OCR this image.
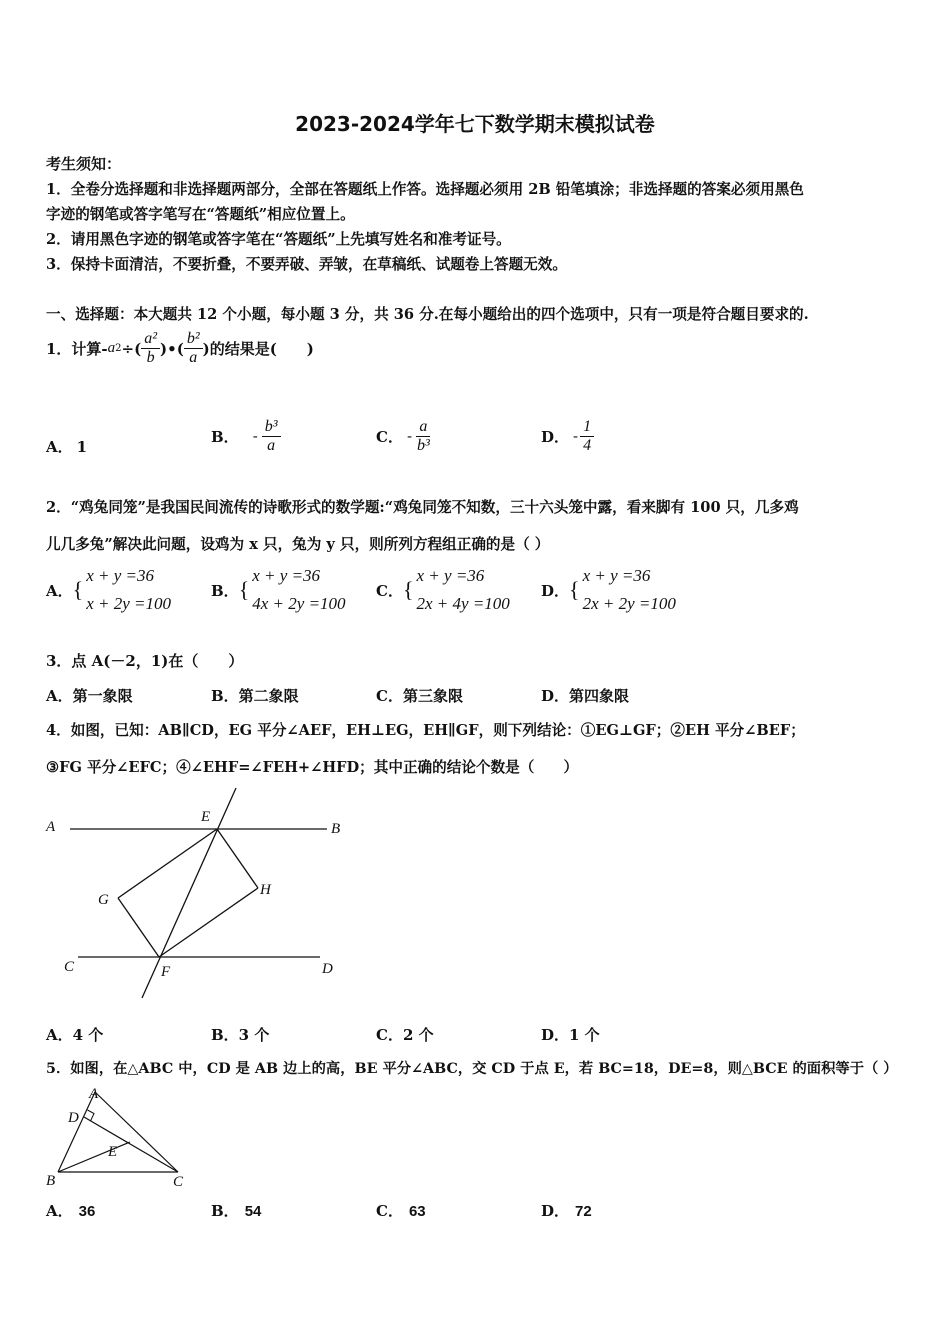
2023-2024学年七下数学期末模拟试卷
考生须知：
1．全卷分选择题和非选择题两部分，全部在答题纸上作答。选择题必须用 2B 铅笔填涂；非选择题的答案必须用黑色
字迹的钢笔或答字笔写在“答题纸”相应位置上。
2．请用黑色字迹的钢笔或答字笔在“答题纸”上先填写姓名和准考证号。
3．保持卡面清洁，不要折叠，不要弄破、弄皱，在草稿纸、试题卷上答题无效。
一、选择题：本大题共 12 个小题，每小题 3 分，共 36 分.在每小题给出的四个选项中，只有一项是符合题目要求的.
1．计算- a 2 ÷( $\frac{\text{a²}}{b}$ )•( $\frac{\text{b²}}{a}$ )的结果是(　　)
A． 1
B． - $\frac{\text{b³}}{a}$	C． - $\frac{a}{\text{b³}}$	D． - $\frac{1}{4}$
2．“鸡兔同笼”是我国民间流传的诗歌形式的数学题:“鸡兔同笼不知数，三十六头笼中露，看来脚有 100 只，几多鸡
儿几多兔”解决此问题，设鸡为 x 只，兔为 y 只，则所列方程组正确的是（ ）
A． {
x + y =36
x + 2y =100
B． {
x + y =36
4x + 2y =100
C． {
x + y =36
2x + 4y =100
D． {
x + y =36
2x + 2y =100
3．点 A(－2，1)在（　　）
A．第一象限	B．第二象限	C．第三象限	D．第四象限
4．如图，已知：AB∥CD，EG 平分∠AEF，EH⊥EG，EH∥GF，则下列结论：①EG⊥GF；②EH 平分∠BEF；
③FG 平分∠EFC；④∠EHF=∠FEH+∠HFD；其中正确的结论个数是（　　）
A	B
C	D
E
F
G
H
A．4 个	B．3 个	C．2 个	D．1 个
5．如图，在△ABC 中，CD 是 AB 边上的高，BE 平分∠ABC，交 CD 于点 E，若 BC=18，DE=8，则△BCE 的面积等于（ ）
A
B	C
D
E
A． 36	B． 54	C． 63	D． 72
